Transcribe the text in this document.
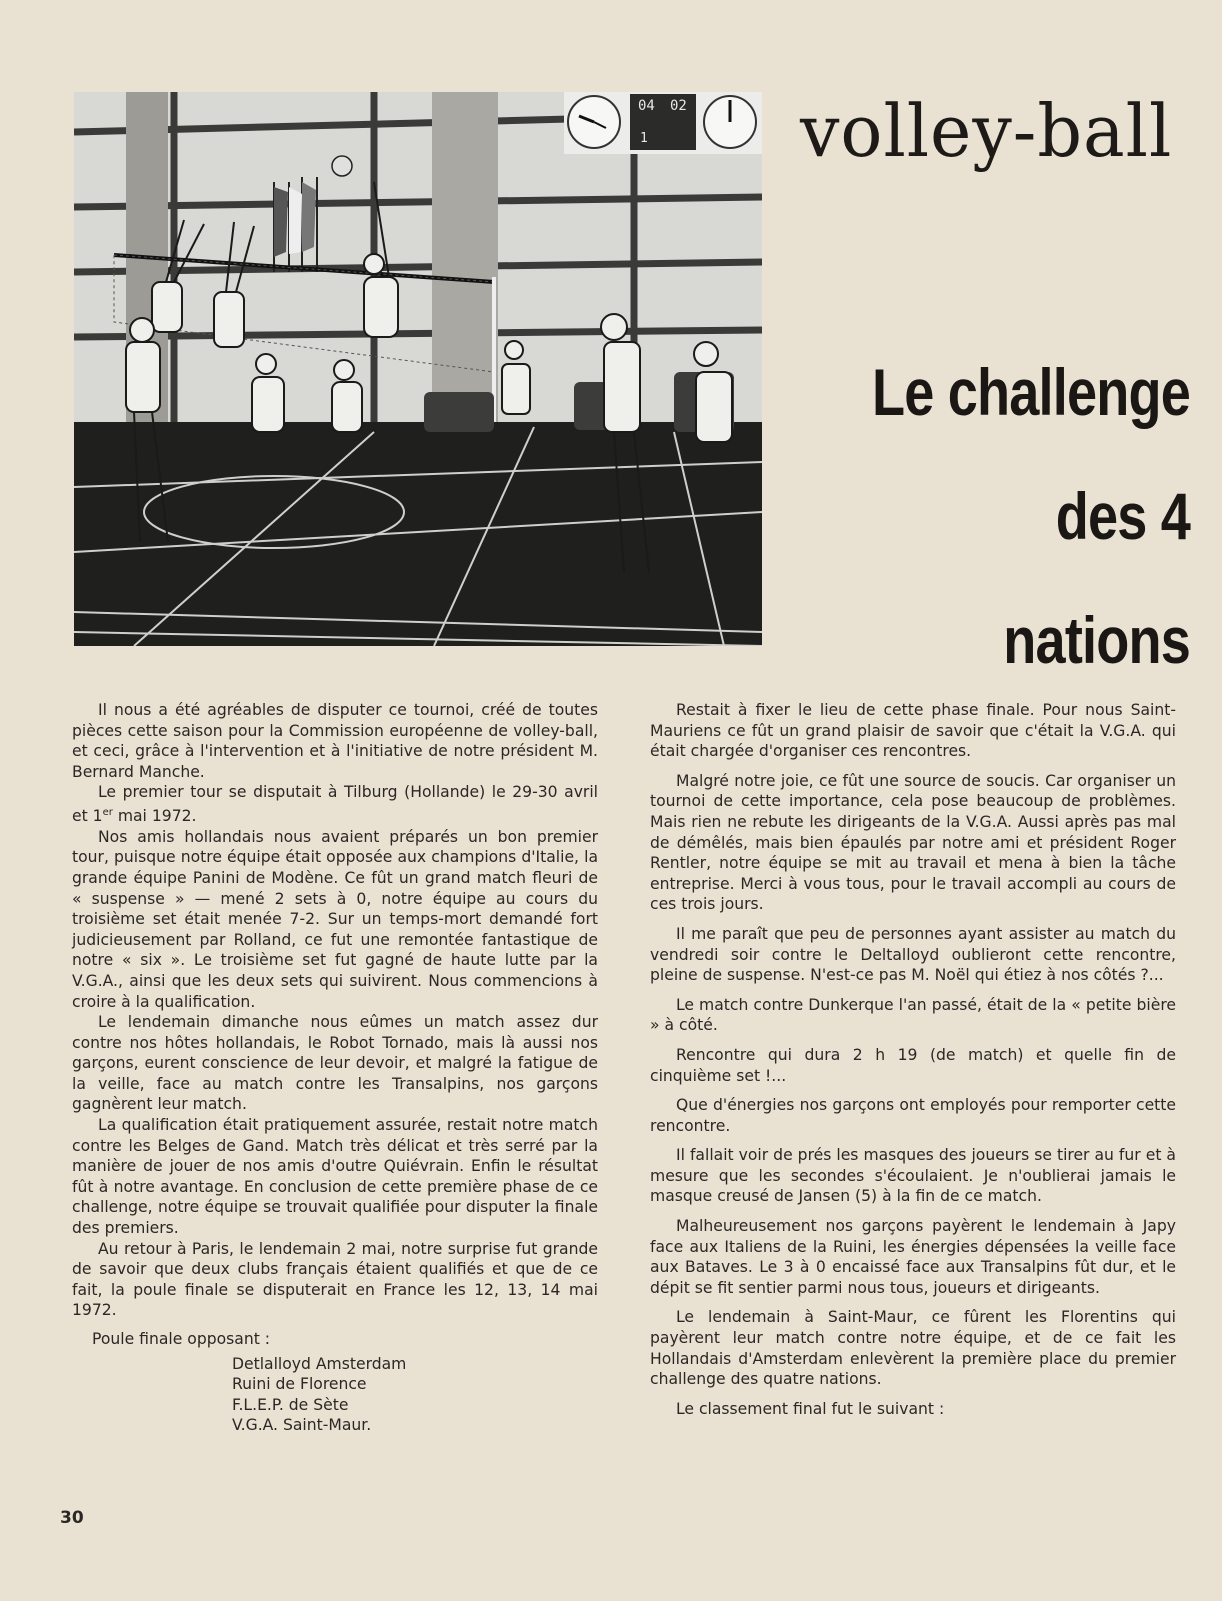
04 02
1 volley-ball
Le challenge
des 4 nations

Il nous a été agréables de disputer ce tournoi, créé de toutes pièces cette saison pour la Commission européenne de volley-ball, et ceci, grâce à l'intervention et à l'initiative de notre président M. Bernard Manche.

Le premier tour se disputait à Tilburg (Hollande) le 29-30 avril et 1er mai 1972.

Nos amis hollandais nous avaient préparés un bon premier tour, puisque notre équipe était opposée aux champions d'Italie, la grande équipe Panini de Modène. Ce fût un grand match fleuri de « suspense » — mené 2 sets à 0, notre équipe au cours du troisième set était menée 7-2. Sur un temps-mort demandé fort judicieusement par Rolland, ce fut une remontée fantastique de notre « six ». Le troisième set fut gagné de haute lutte par la V.G.A., ainsi que les deux sets qui suivirent. Nous commencions à croire à la qualification.

Le lendemain dimanche nous eûmes un match assez dur contre nos hôtes hollandais, le Robot Tornado, mais là aussi nos garçons, eurent conscience de leur devoir, et malgré la fatigue de la veille, face au match contre les Transalpins, nos garçons gagnèrent leur match.

La qualification était pratiquement assurée, restait notre match contre les Belges de Gand. Match très délicat et très serré par la manière de jouer de nos amis d'outre Quiévrain. Enfin le résultat fût à notre avantage. En conclusion de cette première phase de ce challenge, notre équipe se trouvait qualifiée pour disputer la finale des premiers.

Au retour à Paris, le lendemain 2 mai, notre surprise fut grande de savoir que deux clubs français étaient qualifiés et que de ce fait, la poule finale se disputerait en France les 12, 13, 14 mai 1972.

Poule finale opposant :

Detlalloyd Amsterdam
Ruini de Florence
F.L.E.P. de Sète
V.G.A. Saint-Maur.

Restait à fixer le lieu de cette phase finale. Pour nous Saint-Mauriens ce fût un grand plaisir de savoir que c'était la V.G.A. qui était chargée d'organiser ces rencontres.

Malgré notre joie, ce fût une source de soucis. Car organiser un tournoi de cette importance, cela pose beaucoup de problèmes. Mais rien ne rebute les dirigeants de la V.G.A. Aussi après pas mal de démêlés, mais bien épaulés par notre ami et président Roger Rentler, notre équipe se mit au travail et mena à bien la tâche entreprise. Merci à vous tous, pour le travail accompli au cours de ces trois jours.

Il me paraît que peu de personnes ayant assister au match du vendredi soir contre le Deltalloyd oublieront cette rencontre, pleine de suspense. N'est-ce pas M. Noël qui étiez à nos côtés ?...

Le match contre Dunkerque l'an passé, était de la « petite bière » à côté.

Rencontre qui dura 2 h 19 (de match) et quelle fin de cinquième set !...

Que d'énergies nos garçons ont employés pour remporter cette rencontre.

Il fallait voir de prés les masques des joueurs se tirer au fur et à mesure que les secondes s'écoulaient. Je n'oublierai jamais le masque creusé de Jansen (5) à la fin de ce match.

Malheureusement nos garçons payèrent le lendemain à Japy face aux Italiens de la Ruini, les énergies dépensées la veille face aux Bataves. Le 3 à 0 encaissé face aux Transalpins fût dur, et le dépit se fit sentier parmi nous tous, joueurs et dirigeants.

Le lendemain à Saint-Maur, ce fûrent les Florentins qui payèrent leur match contre notre équipe, et de ce fait les Hollandais d'Amsterdam enlevèrent la première place du premier challenge des quatre nations.

Le classement final fut le suivant :

30
